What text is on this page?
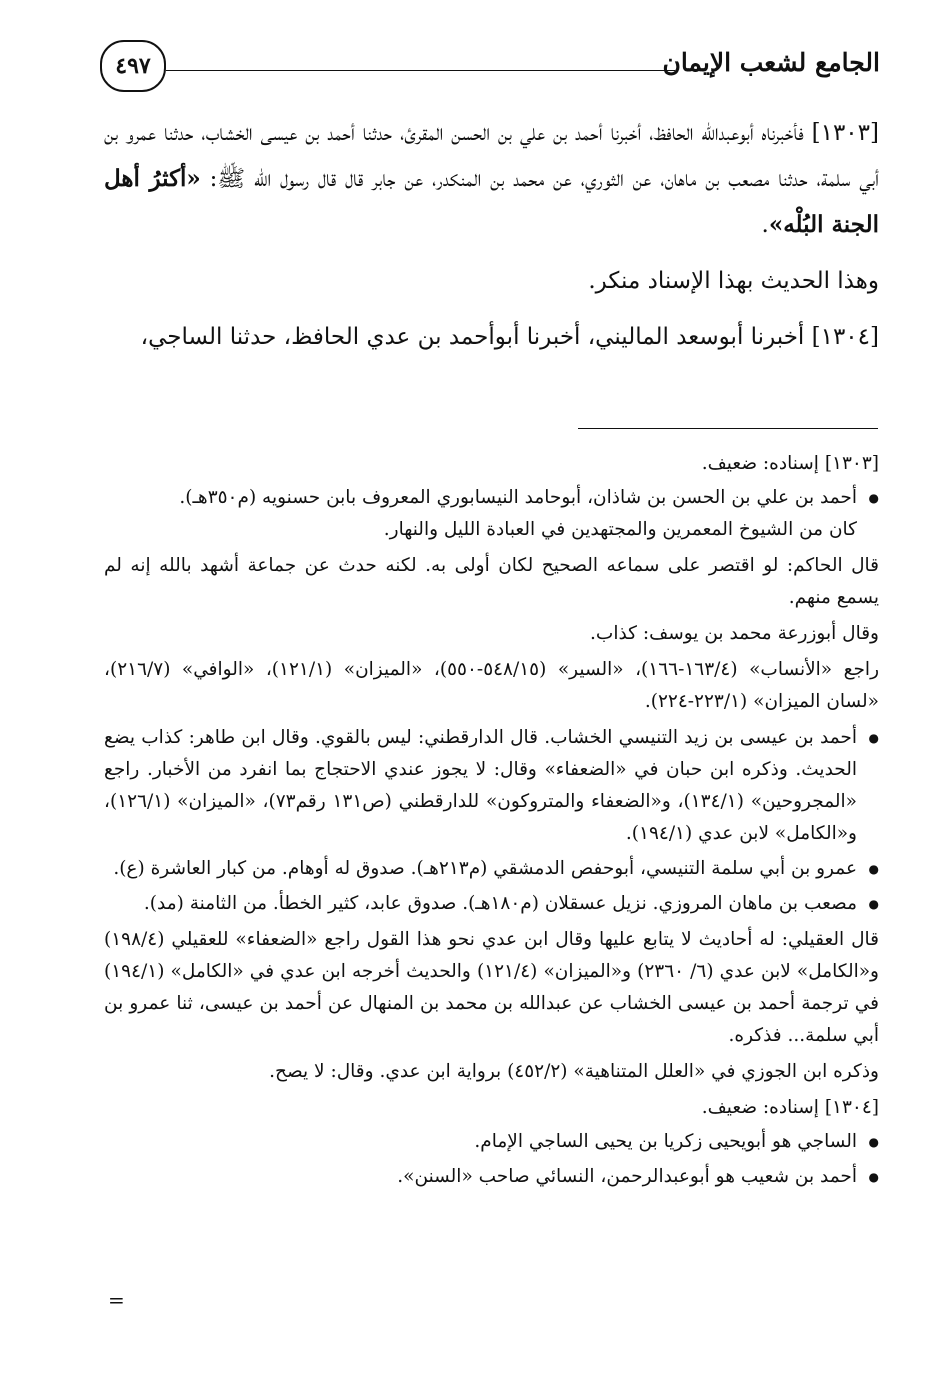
الجامع لشعب الإيمان
٤٩٧

[١٣٠٣] فأخبرناه أبوعبدالله الحافظ، أخبرنا أحمد بن علي بن الحسن المقرئ، حدثنا أحمد بن عيسى الخشاب، حدثنا عمرو بن أبي سلمة، حدثنا مصعب بن ماهان، عن الثوري، عن محمد بن المنكدر، عن جابر قال قال رسول الله ﷺ: «أكثرُ أهل الجنة البُلْه».

وهذا الحديث بهذا الإسناد منكر.

[١٣٠٤] أخبرنا أبوسعد الماليني، أخبرنا أبوأحمد بن عدي الحافظ، حدثنا الساجي،

[١٣٠٣] إسناده: ضعيف.

● أحمد بن علي بن الحسن بن شاذان، أبوحامد النيسابوري المعروف بابن حسنويه (م٣٥٠هـ).
كان من الشيوخ المعمرين والمجتهدين في العبادة الليل والنهار.

قال الحاكم: لو اقتصر على سماعه الصحيح لكان أولى به. لكنه حدث عن جماعة أشهد بالله إنه لم يسمع منهم.

وقال أبوزرعة محمد بن يوسف: كذاب.

راجع «الأنساب» (١٦٣/٤-١٦٦)، «السير» (٥٤٨/١٥-٥٥٠)، «الميزان» (١٢١/١)، «الوافي» (٢١٦/٧)، «لسان الميزان» (٢٢٣/١-٢٢٤).

● أحمد بن عيسى بن زيد التنيسي الخشاب. قال الدارقطني: ليس بالقوي. وقال ابن طاهر: كذاب يضع الحديث. وذكره ابن حبان في «الضعفاء» وقال: لا يجوز عندي الاحتجاج بما انفرد من الأخبار. راجع «المجروحين» (١٣٤/١)، و«الضعفاء والمتروكون» للدارقطني (ص١٣١ رقم٧٣)، «الميزان» (١٢٦/١)، و«الكامل» لابن عدي (١٩٤/١).

● عمرو بن أبي سلمة التنيسي، أبوحفص الدمشقي (م٢١٣هـ). صدوق له أوهام. من كبار العاشرة (ع).

● مصعب بن ماهان المروزي. نزيل عسقلان (م١٨٠هـ). صدوق عابد، كثير الخطأ. من الثامنة (مد).

قال العقيلي: له أحاديث لا يتابع عليها وقال ابن عدي نحو هذا القول راجع «الضعفاء» للعقيلي (١٩٨/٤) و«الكامل» لابن عدي (٦/ ٢٣٦٠) و«الميزان» (١٢١/٤) والحديث أخرجه ابن عدي في «الكامل» (١٩٤/١) في ترجمة أحمد بن عيسى الخشاب عن عبدالله بن محمد بن المنهال عن أحمد بن عيسى، ثنا عمرو بن أبي سلمة... فذكره.

وذكره ابن الجوزي في «العلل المتناهية» (٤٥٢/٢) برواية ابن عدي. وقال: لا يصح.

[١٣٠٤] إسناده: ضعيف.

● الساجي هو أبويحيى زكريا بن يحيى الساجي الإمام.

● أحمد بن شعيب هو أبوعبدالرحمن، النسائي صاحب «السنن».

=
